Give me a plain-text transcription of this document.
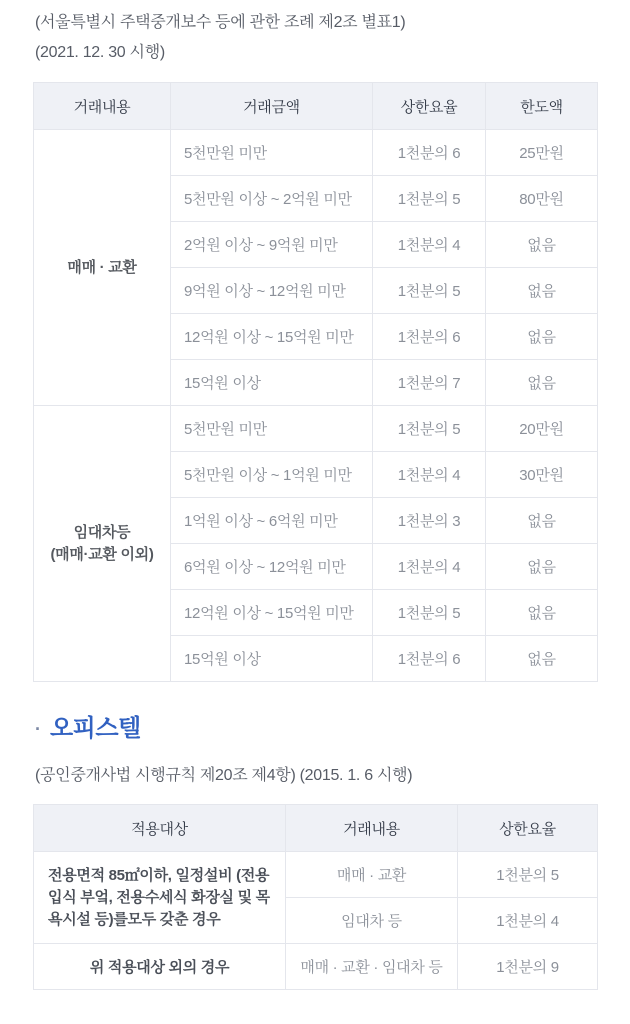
(서울특별시 주택중개보수 등에 관한 조례 제2조 별표1)
(2021. 12. 30 시행)
거래내용	거래금액	상한요율	한도액
매매 · 교환	5천만원 미만	1천분의 6	25만원
	5천만원 이상 ~ 2억원 미만	1천분의 5	80만원
	2억원 이상 ~ 9억원 미만	1천분의 4	없음
	9억원 이상 ~ 12억원 미만	1천분의 5	없음
	12억원 이상 ~ 15억원 미만	1천분의 6	없음
	15억원 이상	1천분의 7	없음
임대차등
(매매·교환 이외)	5천만원 미만	1천분의 5	20만원
	5천만원 이상 ~ 1억원 미만	1천분의 4	30만원
	1억원 이상 ~ 6억원 미만	1천분의 3	없음
	6억원 이상 ~ 12억원 미만	1천분의 4	없음
	12억원 이상 ~ 15억원 미만	1천분의 5	없음
	15억원 이상	1천분의 6	없음
· 오피스텔
(공인중개사법 시행규칙 제20조 제4항) (2015. 1. 6 시행)
적용대상	거래내용	상한요율
전용면적 85㎡이하, 일정설비 (전용입식 부엌, 전용수세식 화장실 및 목욕시설 등)를모두 갖춘 경우	매매 · 교환	1천분의 5
	임대차 등	1천분의 4
위 적용대상 외의 경우	매매 · 교환 · 임대차 등	1천분의 9
